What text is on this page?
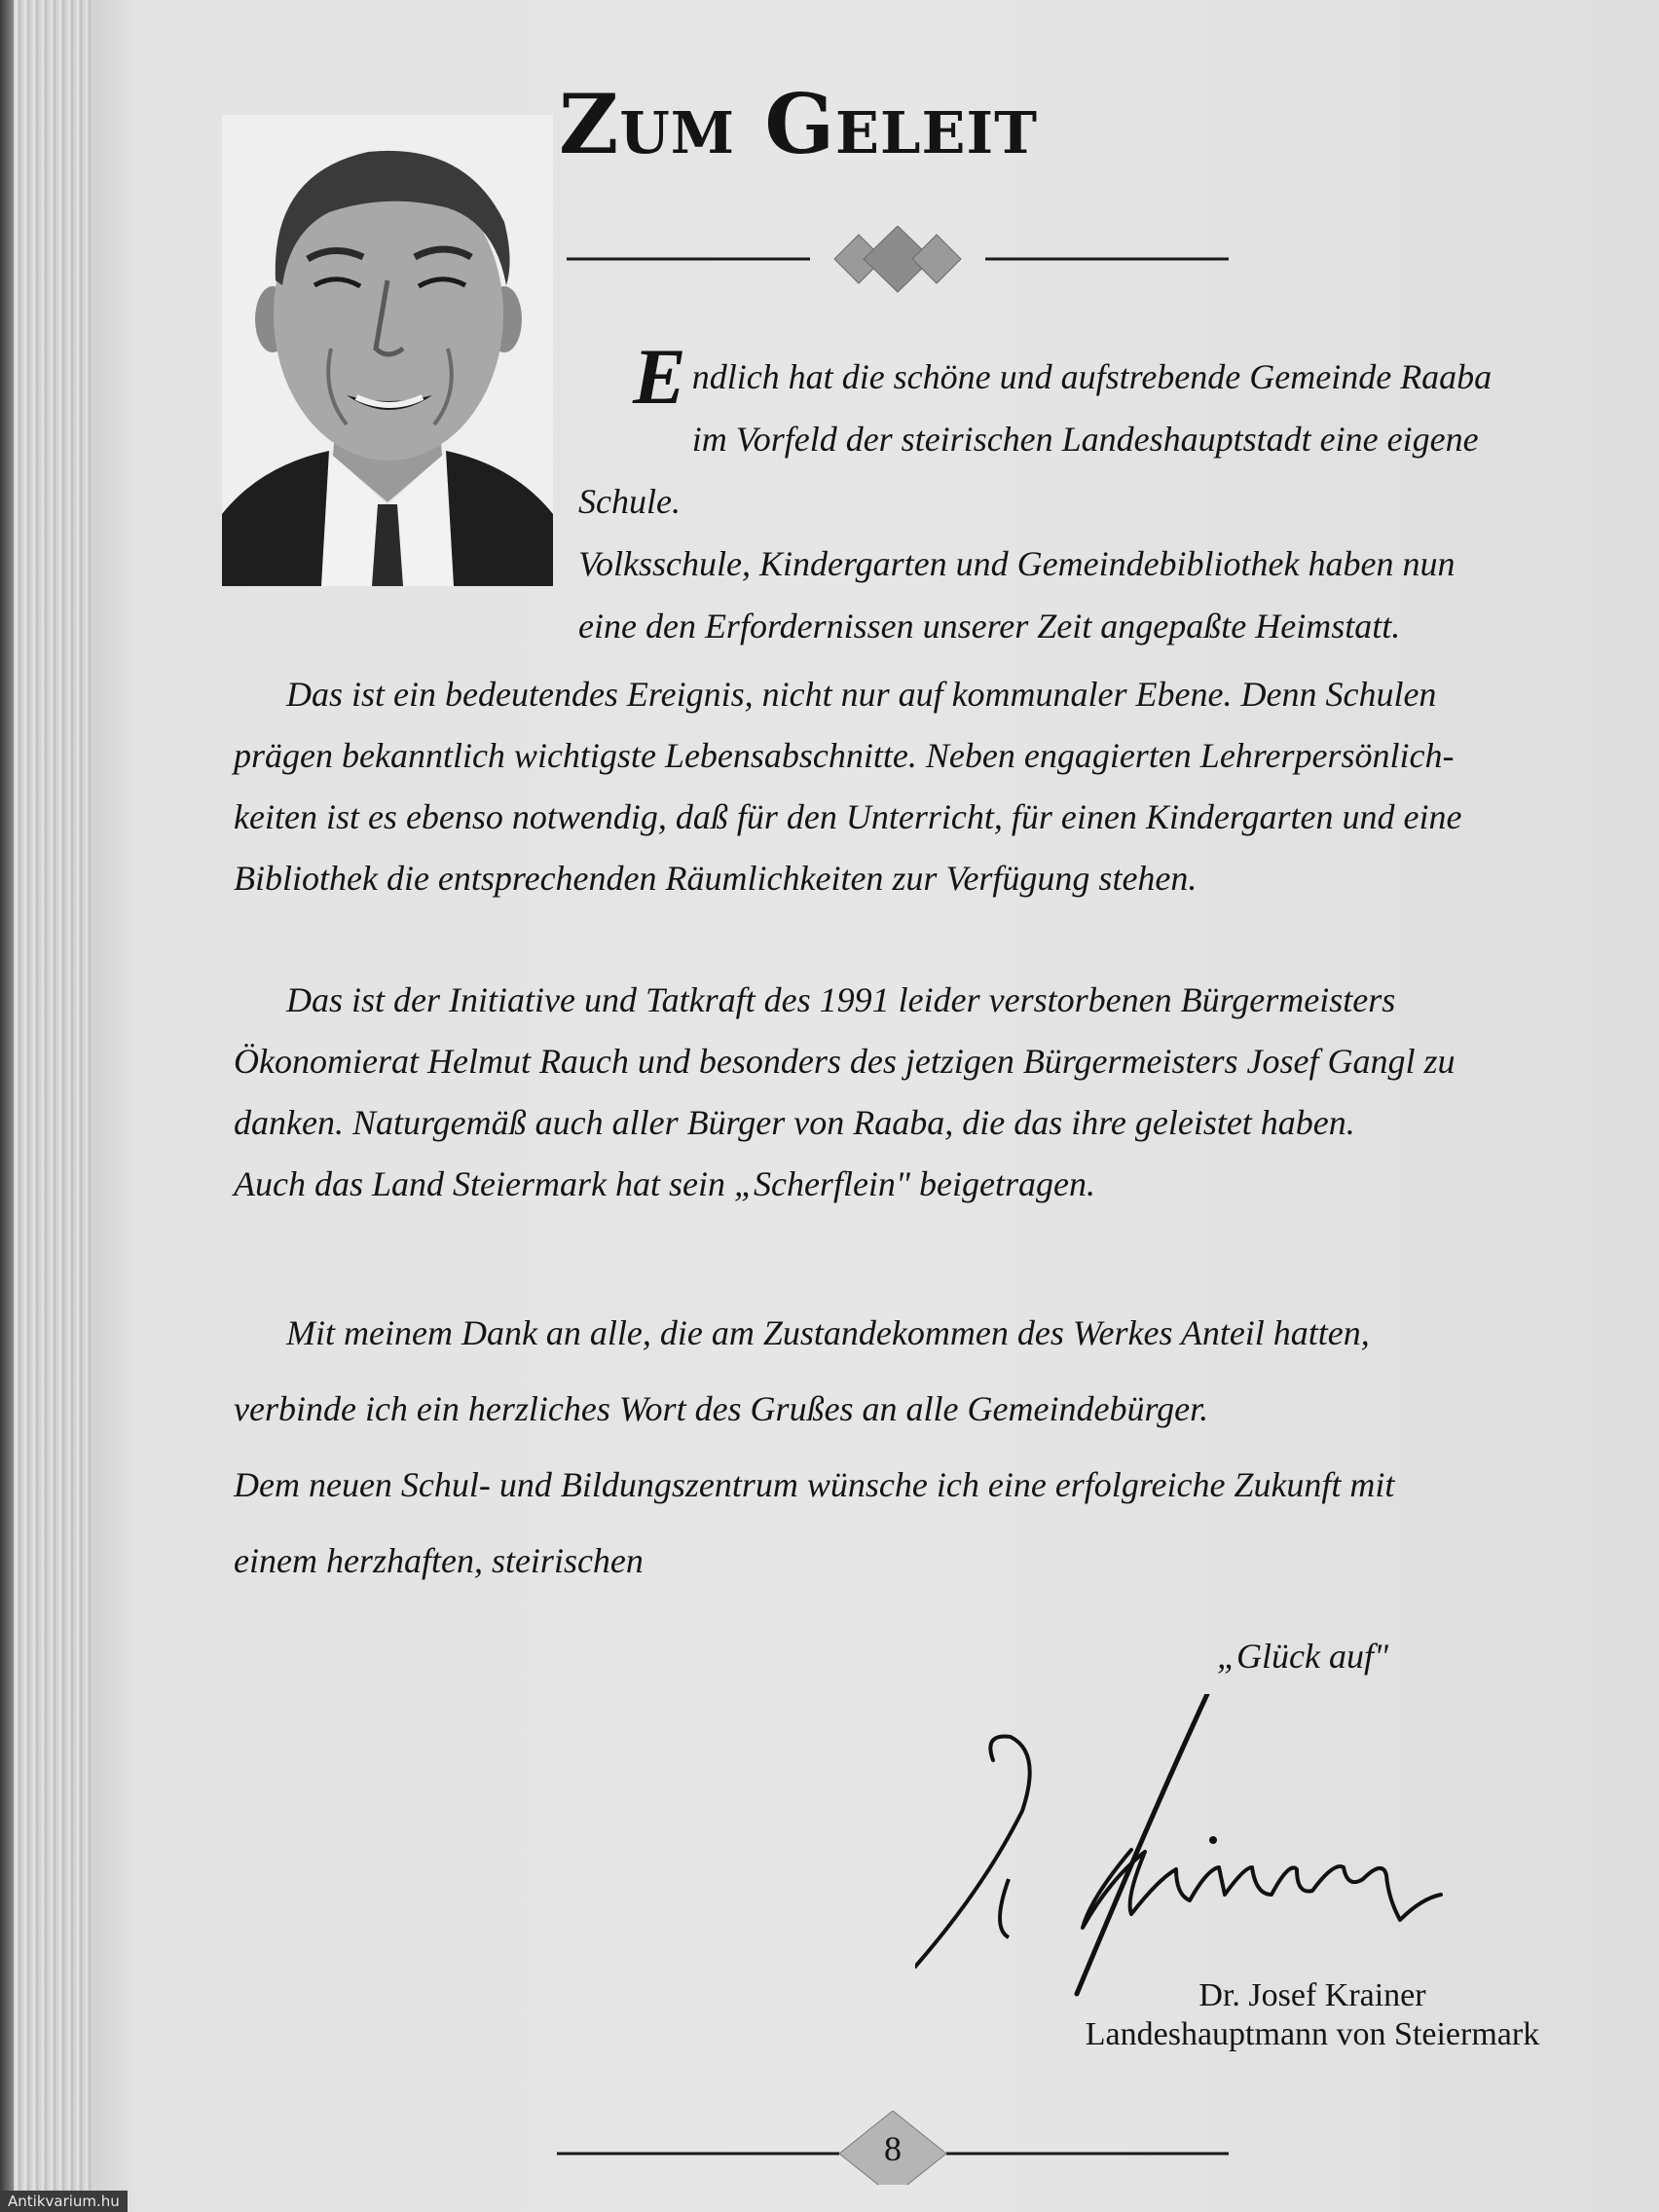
Zum Geleit

Endlich hat die schöne und aufstrebende Gemeinde Raaba
im Vorfeld der steirischen Landeshauptstadt eine eigene Schule.
Volksschule, Kindergarten und Gemeindebibliothek haben nun
eine den Erfordernissen unserer Zeit angepaßte Heimstatt.

Das ist ein bedeutendes Ereignis, nicht nur auf kommunaler Ebene. Denn Schulen
prägen bekanntlich wichtigste Lebensabschnitte. Neben engagierten Lehrerpersönlich-
keiten ist es ebenso notwendig, daß für den Unterricht, für einen Kindergarten und eine
Bibliothek die entsprechenden Räumlichkeiten zur Verfügung stehen.

Das ist der Initiative und Tatkraft des 1991 leider verstorbenen Bürgermeisters
Ökonomierat Helmut Rauch und besonders des jetzigen Bürgermeisters Josef Gangl zu
danken. Naturgemäß auch aller Bürger von Raaba, die das ihre geleistet haben.
Auch das Land Steiermark hat sein „Scherflein" beigetragen.

Mit meinem Dank an alle, die am Zustandekommen des Werkes Anteil hatten,
verbinde ich ein herzliches Wort des Grußes an alle Gemeindebürger.
Dem neuen Schul- und Bildungszentrum wünsche ich eine erfolgreiche Zukunft mit
einem herzhaften, steirischen

„Glück auf"

Dr. Josef Krainer
Landeshauptmann von Steiermark

8
Antikvarium.hu
